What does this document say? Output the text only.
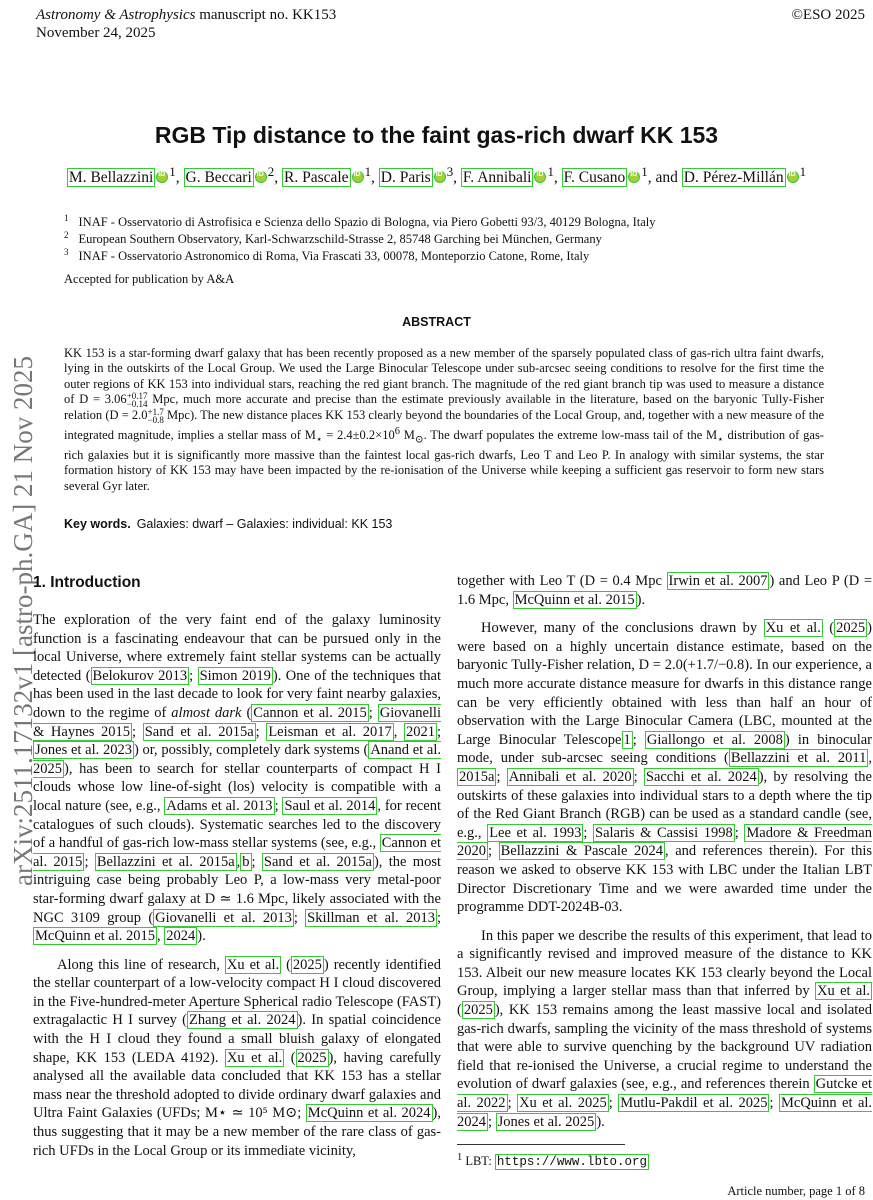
arXiv:2511.17132v1 [astro-ph.GA] 21 Nov 2025
Astronomy & Astrophysics manuscript no. KK153
November 24, 2025
©ESO 2025
RGB Tip distance to the faint gas-rich dwarf KK 153
M. Bellazzini iD $^1$, G. Beccari iD $^2$, R. Pascale iD $^1$, D. Paris iD $^3$, F. Annibali iD $^1$, F. Cusano iD $^1$, and D. Pérez-Millán iD $^1$
$^1$ INAF - Osservatorio di Astrofisica e Scienza dello Spazio di Bologna, via Piero Gobetti 93/3, 40129 Bologna, Italy
$^2$ European Southern Observatory, Karl-Schwarzschild-Strasse 2, 85748 Garching bei München, Germany
$^3$ INAF - Osservatorio Astronomico di Roma, Via Frascati 33, 00078, Monteporzio Catone, Rome, Italy
Accepted for publication by A&A
ABSTRACT
KK 153 is a star-forming dwarf galaxy that has been recently proposed as a new member of the sparsely populated class of gas-rich ultra faint dwarfs, lying in the outskirts of the Local Group. We used the Large Binocular Telescope under sub-arcsec seeing conditions to resolve for the first time the outer regions of KK 153 into individual stars, reaching the red giant branch. The magnitude of the red giant branch tip was used to measure a distance of D = 3.06 +0.17
−0.14 Mpc, much more accurate and precise than the estimate previously available in the literature, based on the baryonic Tully-Fisher relation (D = 2.0 +1.7
−0.8 Mpc). The new distance places KK 153 clearly beyond the boundaries of the Local Group, and, together with a new measure of the integrated magnitude, implies a stellar mass of $M_⋆ = 2.4\pm 0.2\times 10^6$ $M_⊙$. The dwarf populates the extreme low-mass tail of the $M_⋆$ distribution of gas-rich galaxies but it is significantly more massive than the faintest local gas-rich dwarfs, Leo T and Leo P. In analogy with similar systems, the star formation history of KK 153 may have been impacted by the re-ionisation of the Universe while keeping a sufficient gas reservoir to form new stars several Gyr later.
Key words. Galaxies: dwarf – Galaxies: individual: KK 153
1. Introduction

The exploration of the very faint end of the galaxy luminosity function is a fascinating endeavour that can be pursued only in the local Universe, where extremely faint stellar systems can be actually detected ( Belokurov 2013 ; Simon 2019 ). One of the techniques that has been used in the last decade to look for very faint nearby galaxies, down to the regime of almost dark ( Cannon et al. 2015 ; Giovanelli & Haynes 2015 ; Sand et al. 2015a ; Leisman et al. 2017 , 2021 ; Jones et al. 2023 ) or, possibly, completely dark systems ( Anand et al. 2025 ), has been to search for stellar counterparts of compact H I clouds whose low line-of-sight (los) velocity is compatible with a local nature (see, e.g., Adams et al. 2013 ; Saul et al. 2014 , for recent catalogues of such clouds). Systematic searches led to the discovery of a handful of gas-rich low-mass stellar systems (see, e.g., Cannon et al. 2015 ; Bellazzini et al. 2015a , b ; Sand et al. 2015a ), the most intriguing case being probably Leo P, a low-mass very metal-poor star-forming dwarf galaxy at D ≃ 1.6 Mpc, likely associated with the NGC 3109 group ( Giovanelli et al. 2013 ; Skillman et al. 2013 ; McQuinn et al. 2015 , 2024 ).

Along this line of research, Xu et al. ( 2025 ) recently identified the stellar counterpart of a low-velocity compact H I cloud discovered in the Five-hundred-meter Aperture Spherical radio Telescope (FAST) extragalactic H I survey ( Zhang et al. 2024 ). In spatial coincidence with the H I cloud they found a small bluish galaxy of elongated shape, KK 153 (LEDA 4192). Xu et al. ( 2025 ), having carefully analysed all the available data concluded that KK 153 has a stellar mass near the threshold adopted to divide ordinary dwarf galaxies and Ultra Faint Galaxies (UFDs; M⋆ ≃ 10⁵ M⊙; McQuinn et al. 2024 ), thus suggesting that it may be a new member of the rare class of gas-rich UFDs in the Local Group or its immediate vicinity,

together with Leo T (D = 0.4 Mpc Irwin et al. 2007 ) and Leo P (D = 1.6 Mpc, McQuinn et al. 2015 ).

However, many of the conclusions drawn by Xu et al. ( 2025 ) were based on a highly uncertain distance estimate, based on the baryonic Tully-Fisher relation, D = 2.0(+1.7/−0.8). In our experience, a much more accurate distance measure for dwarfs in this distance range can be very efficiently obtained with less than half an hour of observation with the Large Binocular Camera (LBC, mounted at the Large Binocular Telescope 1 ; Giallongo et al. 2008 ) in binocular mode, under sub-arcsec seeing conditions ( Bellazzini et al. 2011 , 2015a ; Annibali et al. 2020 ; Sacchi et al. 2024 ), by resolving the outskirts of these galaxies into individual stars to a depth where the tip of the Red Giant Branch (RGB) can be used as a standard candle (see, e.g., Lee et al. 1993 ; Salaris & Cassisi 1998 ; Madore & Freedman 2020 ; Bellazzini & Pascale 2024 , and references therein). For this reason we asked to observe KK 153 with LBC under the Italian LBT Director Discretionary Time and we were awarded time under the programme DDT-2024B-03.

In this paper we describe the results of this experiment, that lead to a significantly revised and improved measure of the distance to KK 153. Albeit our new measure locates KK 153 clearly beyond the Local Group, implying a larger stellar mass than that inferred by Xu et al. ( 2025 ), KK 153 remains among the least massive local and isolated gas-rich dwarfs, sampling the vicinity of the mass threshold of systems that were able to survive quenching by the background UV radiation field that re-ionised the Universe, a crucial regime to understand the evolution of dwarf galaxies (see, e.g., and references therein Gutcke et al. 2022 ; Xu et al. 2025 ; Mutlu-Pakdil et al. 2025 ; McQuinn et al. 2024 ; Jones et al. 2025 ).

$^1$ LBT: https://www.lbto.org
Article number, page 1 of 8
